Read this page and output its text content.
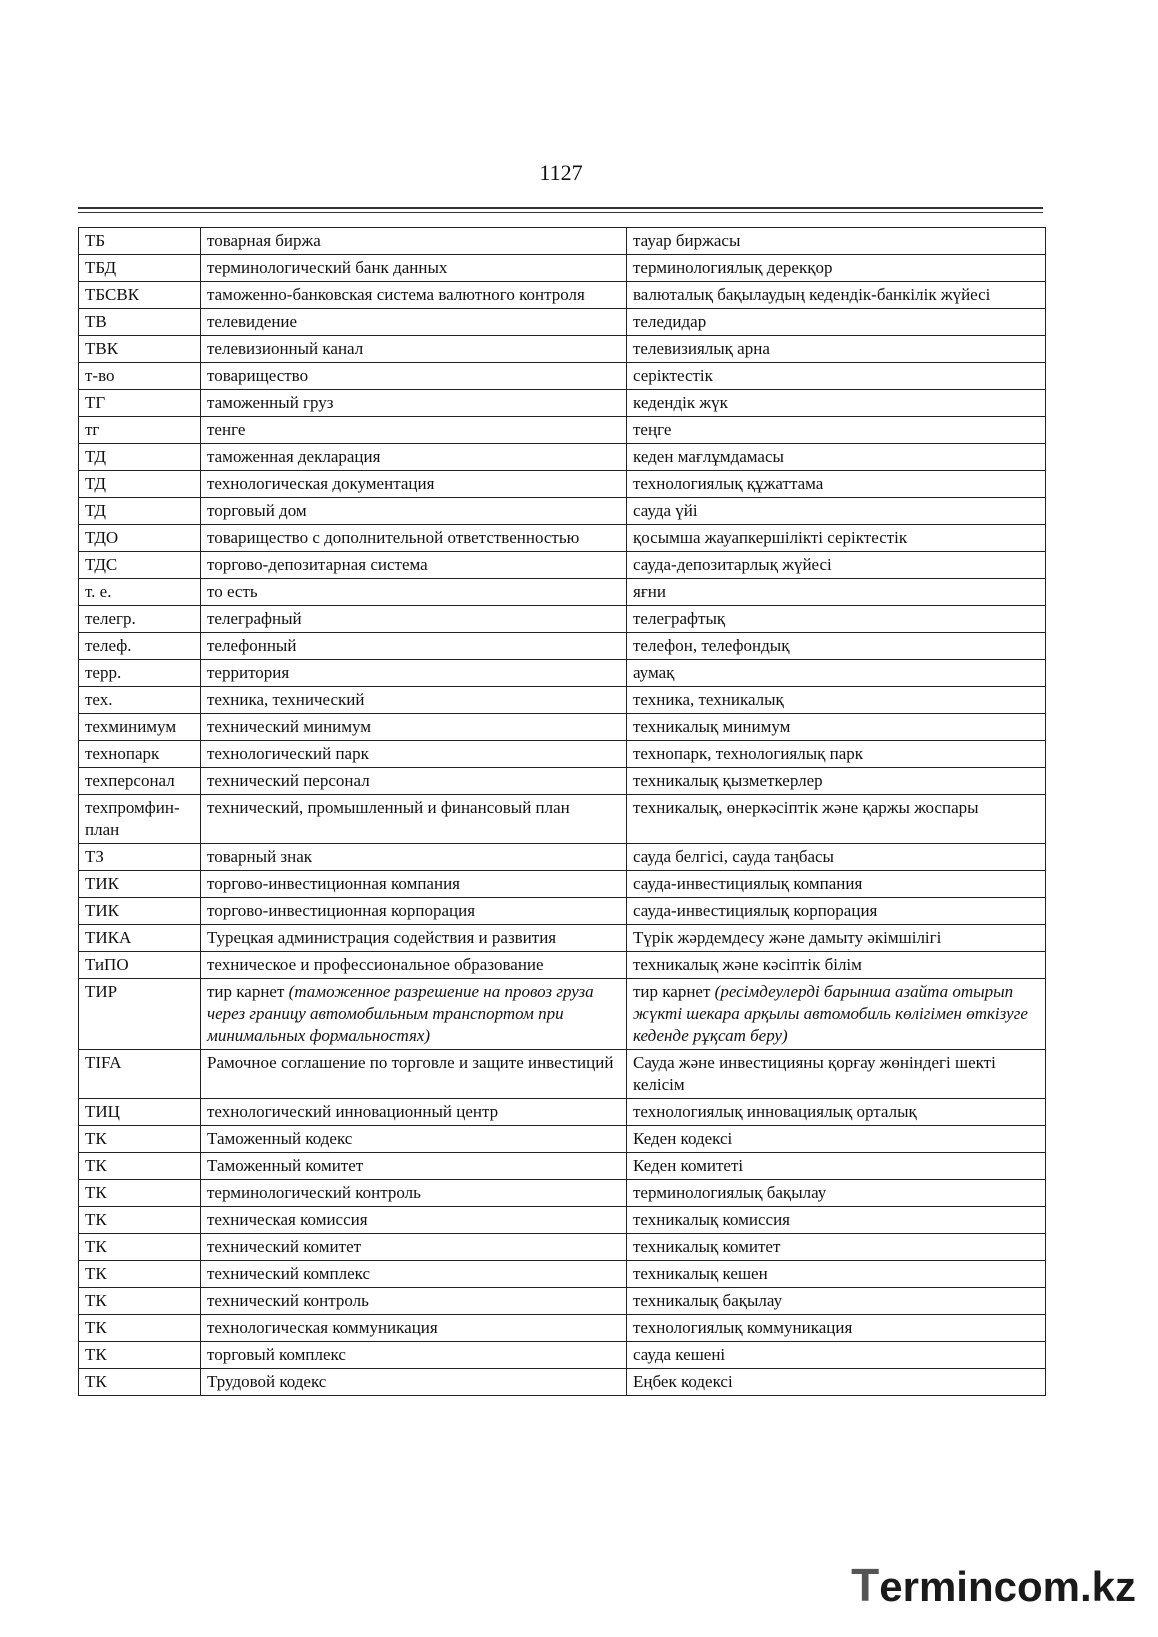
1127
ТБ	товарная биржа	тауар биржасы
ТБД	терминологический банк данных	терминологиялық дерекқор
ТБСВК	таможенно-банковская система валютного контроля	валюталық бақылаудың кедендік-банкілік жүйесі
ТВ	телевидение	теледидар
ТВК	телевизионный канал	телевизиялық арна
т-во	товарищество	серіктестік
ТГ	таможенный груз	кедендік жүк
тг	тенге	теңге
ТД	таможенная декларация	кеден мағлұмдамасы
ТД	технологическая документация	технологиялық құжаттама
ТД	торговый дом	сауда үйі
ТДО	товарищество с дополнительной ответственностью	қосымша жауапкершілікті серіктестік
ТДС	торгово-депозитарная система	сауда-депозитарлық жүйесі
т. е.	то есть	яғни
телегр.	телеграфный	телеграфтық
телеф.	телефонный	телефон, телефондық
терр.	территория	аумақ
тех.	техника, технический	техника, техникалық
техминимум	технический минимум	техникалық минимум
технопарк	технологический парк	технопарк, технологиялық парк
техперсонал	технический персонал	техникалық қызметкерлер
техпромфинплан	технический, промышленный и финансовый план	техникалық, өнеркәсіптік және қаржы жоспары
ТЗ	товарный знак	сауда белгісі, сауда таңбасы
ТИК	торгово-инвестиционная компания	сауда-инвестициялық компания
ТИК	торгово-инвестиционная корпорация	сауда-инвестициялық корпорация
ТИКА	Турецкая администрация содействия и развития	Түрік жәрдемдесу және дамыту әкімшілігі
ТиПО	техническое и профессиональное образование	техникалық және кәсіптік білім
ТИР	тир карнет (таможенное разрешение на провоз груза через границу автомобильным транспортом при минимальных формальностях)	тир карнет (ресімдеулерді барынша азайта отырып жүкті шекара арқылы автомобиль көлігімен өткізуге кеденде рұқсат беру)
TIFA	Рамочное соглашение по торговле и защите инвестиций	Сауда және инвестицияны қорғау жөніндегі шекті келісім
ТИЦ	технологический инновационный центр	технологиялық инновациялық орталық
ТК	Таможенный кодекс	Кеден кодексі
ТК	Таможенный комитет	Кеден комитеті
ТК	терминологический контроль	терминологиялық бақылау
ТК	техническая комиссия	техникалық комиссия
ТК	технический комитет	техникалық комитет
ТК	технический комплекс	техникалық кешен
ТК	технический контроль	техникалық бақылау
ТК	технологическая коммуникация	технологиялық коммуникация
ТК	торговый комплекс	сауда кешені
ТК	Трудовой кодекс	Еңбек кодексі
Termincom.kz
